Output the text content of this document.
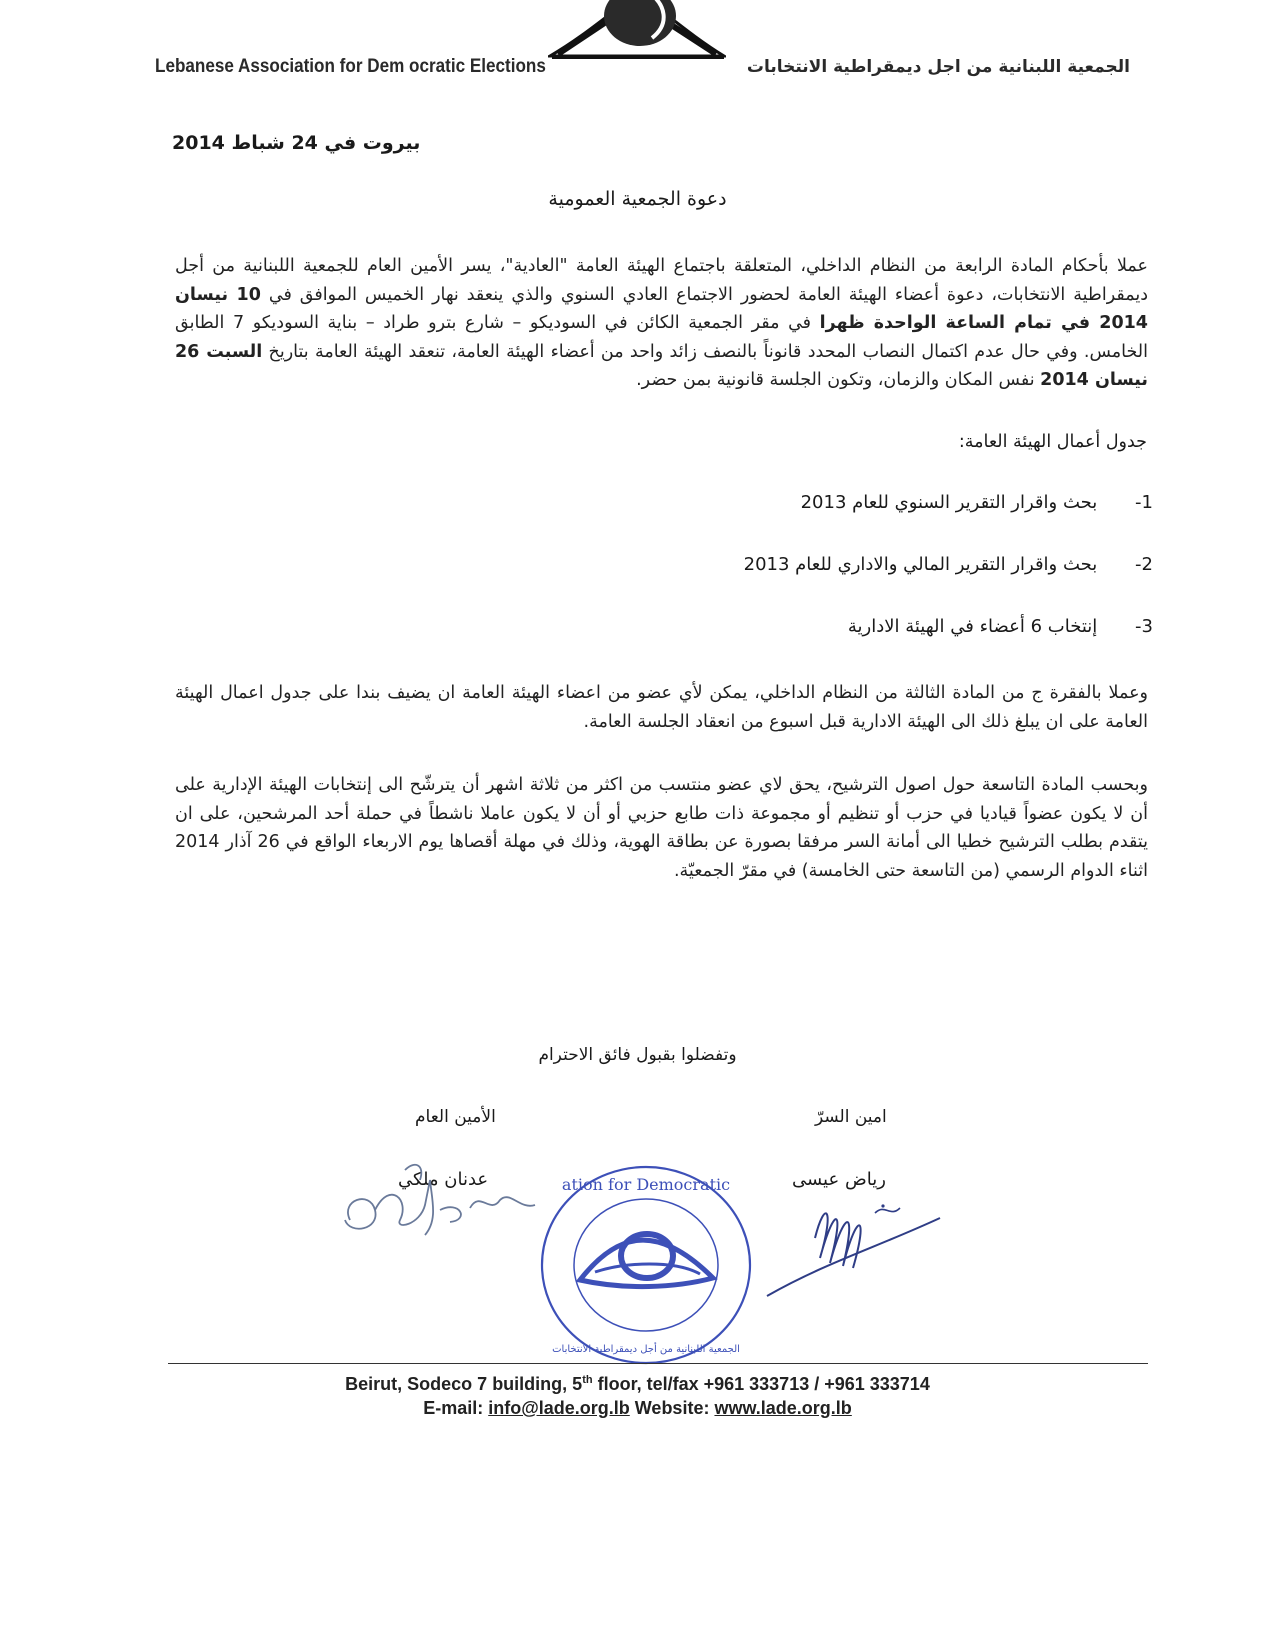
Lebanese Association for Dem ocratic Elections	الجمعية اللبنانية من اجل ديمقراطية الانتخابات
بيروت في 24 شباط 2014
دعوة الجمعية العمومية
عملا بأحكام المادة الرابعة من النظام الداخلي، المتعلقة باجتماع الهيئة العامة "العادية"، يسر الأمين العام للجمعية اللبنانية من أجل ديمقراطية الانتخابات، دعوة أعضاء الهيئة العامة لحضور الاجتماع العادي السنوي والذي ينعقد نهار الخميس الموافق في 10 نيسان 2014 في تمام الساعة الواحدة ظهرا في مقر الجمعية الكائن في السوديكو – شارع بترو طراد – بناية السوديكو 7 الطابق الخامس. وفي حال عدم اكتمال النصاب المحدد قانوناً بالنصف زائد واحد من أعضاء الهيئة العامة، تنعقد الهيئة العامة بتاريخ السبت 26 نيسان 2014 نفس المكان والزمان، وتكون الجلسة قانونية بمن حضر.
جدول أعمال الهيئة العامة:
1- بحث واقرار التقرير السنوي للعام 2013
2- بحث واقرار التقرير المالي والاداري للعام 2013
3- إنتخاب 6 أعضاء في الهيئة الادارية
وعملا بالفقرة ج من المادة الثالثة من النظام الداخلي، يمكن لأي عضو من اعضاء الهيئة العامة ان يضيف بندا على جدول اعمال الهيئة العامة على ان يبلغ ذلك الى الهيئة الادارية قبل اسبوع من انعقاد الجلسة العامة.
وبحسب المادة التاسعة حول اصول الترشيح، يحق لاي عضو منتسب من اكثر من ثلاثة اشهر أن يترشّح الى إنتخابات الهيئة الإدارية على أن لا يكون عضواً قياديا في حزب أو تنظيم أو مجموعة ذات طابع حزبي أو أن لا يكون عاملا ناشطاً في حملة أحد المرشحين، على ان يتقدم بطلب الترشيح خطيا الى أمانة السر مرفقا بصورة عن بطاقة الهوية، وذلك في مهلة أقصاها يوم الاربعاء الواقع في 26 آذار 2014 اثناء الدوام الرسمي (من التاسعة حتى الخامسة) في مقرّ الجمعيّة.
وتفضلوا بقبول فائق الاحترام
امين السرّ
الأمين العام
رياض عيسى
عدنان ملكي	ation for Democratic
الجمعية اللبنانية من أجل ديمقراطية الانتخابات
Beirut, Sodeco 7 building, 5th floor, tel/fax +961 333713 / +961 333714
E-mail: info@lade.org.lb Website: www.lade.org.lb
